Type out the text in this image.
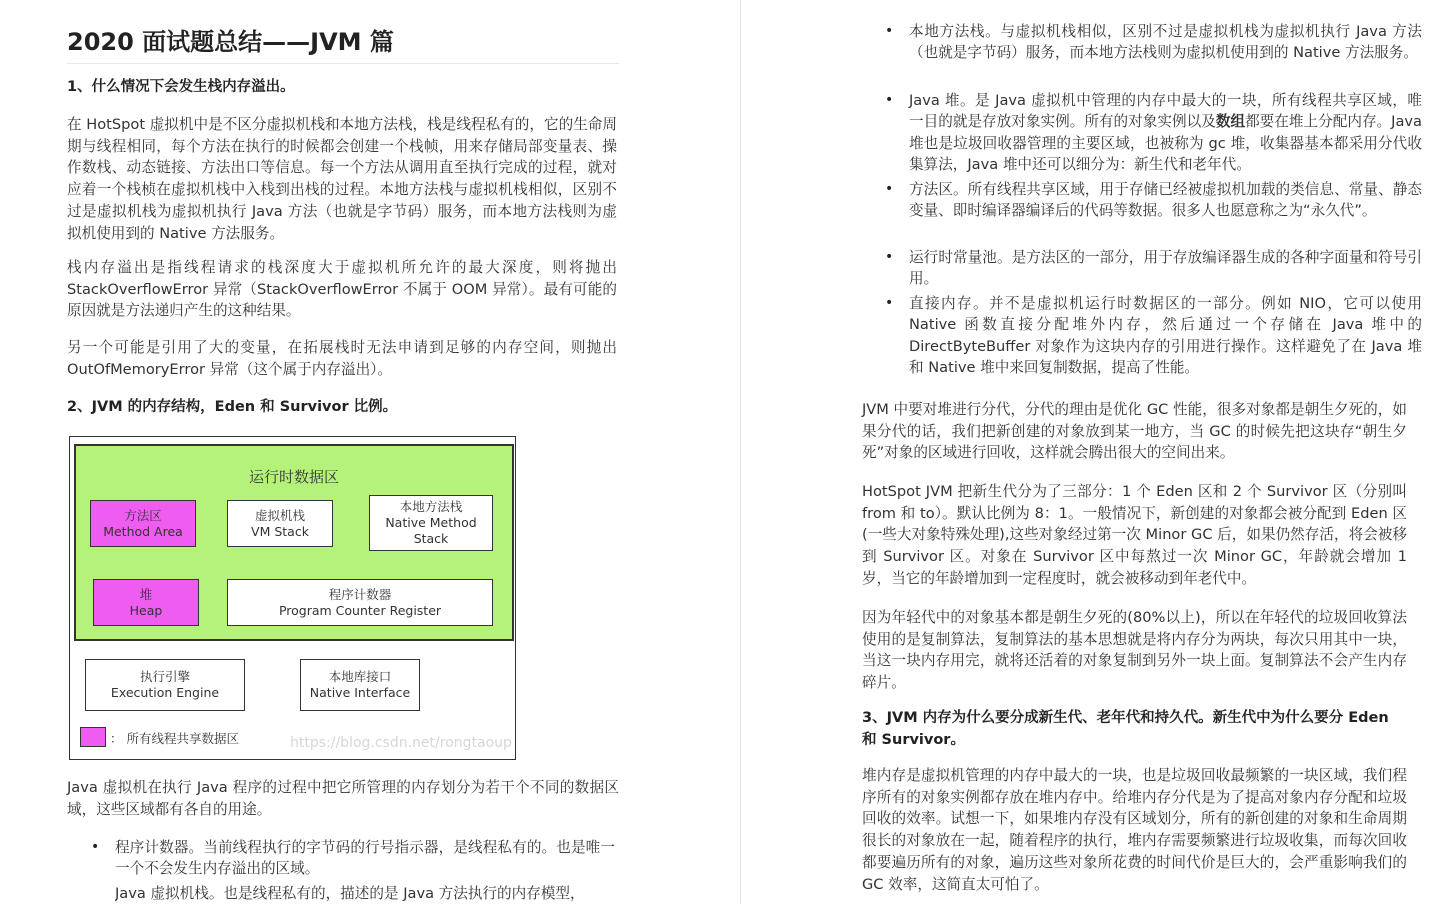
2020 面试题总结——JVM 篇
1、什么情况下会发生栈内存溢出。
在 HotSpot 虚拟机中是不区分虚拟机栈和本地方法栈，栈是线程私有的，它的生命周期与线程相同，每个方法在执行的时候都会创建一个栈帧，用来存储局部变量表、操作数栈、动态链接、方法出口等信息。每一个方法从调用直至执行完成的过程，就对应着一个栈桢在虚拟机栈中入栈到出栈的过程。本地方法栈与虚拟机栈相似，区别不过是虚拟机栈为虚拟机执行 Java 方法（也就是字节码）服务，而本地方法栈则为虚拟机使用到的 Native 方法服务。
栈内存溢出是指线程请求的栈深度大于虚拟机所允许的最大深度，则将抛出 StackOverflowError 异常（StackOverflowError 不属于 OOM 异常）。最有可能的原因就是方法递归产生的这种结果。
另一个可能是引用了大的变量，在拓展栈时无法申请到足够的内存空间，则抛出 OutOfMemoryError 异常（这个属于内存溢出）。
2、JVM 的内存结构，Eden 和 Survivor 比例。
Java 虚拟机在执行 Java 程序的过程中把它所管理的内存划分为若干个不同的数据区域，这些区域都有各自的用途。
• 程序计数器。当前线程执行的字节码的行号指示器，是线程私有的。也是唯一一个不会发生内存溢出的区域。
• Java 虚拟机栈。也是线程私有的，描述的是 Java 方法执行的内存模型，
运行时数据区
方法区
Method Area
虚拟机栈
VM Stack
本地方法栈
Native Method
Stack
堆
Heap
程序计数器
Program Counter Register
执行引擎
Execution Engine
本地库接口
Native Interface
： 所有线程共享数据区	https://blog.csdn.net/rongtaoup
• 本地方法栈。与虚拟机栈相似，区别不过是虚拟机栈为虚拟机执行 Java 方法（也就是字节码）服务，而本地方法栈则为虚拟机使用到的 Native 方法服务。
• Java 堆。是 Java 虚拟机中管理的内存中最大的一块，所有线程共享区域，唯一目的就是存放对象实例。所有的对象实例以及数组都要在堆上分配内存。Java 堆也是垃圾回收器管理的主要区域，也被称为 gc 堆，收集器基本都采用分代收集算法，Java 堆中还可以细分为：新生代和老年代。
• 方法区。所有线程共享区域，用于存储已经被虚拟机加载的类信息、常量、静态变量、即时编译器编译后的代码等数据。很多人也愿意称之为“永久代”。
• 运行时常量池。是方法区的一部分，用于存放编译器生成的各种字面量和符号引用。
• 直接内存。并不是虚拟机运行时数据区的一部分。例如 NIO，它可以使用 Native 函数直接分配堆外内存，然后通过一个存储在 Java 堆中的 DirectByteBuffer 对象作为这块内存的引用进行操作。这样避免了在 Java 堆和 Native 堆中来回复制数据，提高了性能。
JVM 中要对堆进行分代，分代的理由是优化 GC 性能，很多对象都是朝生夕死的，如果分代的话，我们把新创建的对象放到某一地方，当 GC 的时候先把这块存“朝生夕死”对象的区域进行回收，这样就会腾出很大的空间出来。
HotSpot JVM 把新生代分为了三部分：1 个 Eden 区和 2 个 Survivor 区（分别叫 from 和 to）。默认比例为 8：1。一般情况下，新创建的对象都会被分配到 Eden 区(一些大对象特殊处理),这些对象经过第一次 Minor GC 后，如果仍然存活，将会被移到 Survivor 区。对象在 Survivor 区中每熬过一次 Minor GC，年龄就会增加 1 岁，当它的年龄增加到一定程度时，就会被移动到年老代中。
因为年轻代中的对象基本都是朝生夕死的(80%以上)，所以在年轻代的垃圾回收算法使用的是复制算法，复制算法的基本思想就是将内存分为两块，每次只用其中一块，当这一块内存用完，就将还活着的对象复制到另外一块上面。复制算法不会产生内存碎片。
3、JVM 内存为什么要分成新生代、老年代和持久代。新生代中为什么要分 Eden 和 Survivor。
堆内存是虚拟机管理的内存中最大的一块，也是垃圾回收最频繁的一块区域，我们程序所有的对象实例都存放在堆内存中。给堆内存分代是为了提高对象内存分配和垃圾回收的效率。试想一下，如果堆内存没有区域划分，所有的新创建的对象和生命周期很长的对象放在一起，随着程序的执行，堆内存需要频繁进行垃圾收集，而每次回收都要遍历所有的对象，遍历这些对象所花费的时间代价是巨大的，会严重影响我们的 GC 效率，这简直太可怕了。
